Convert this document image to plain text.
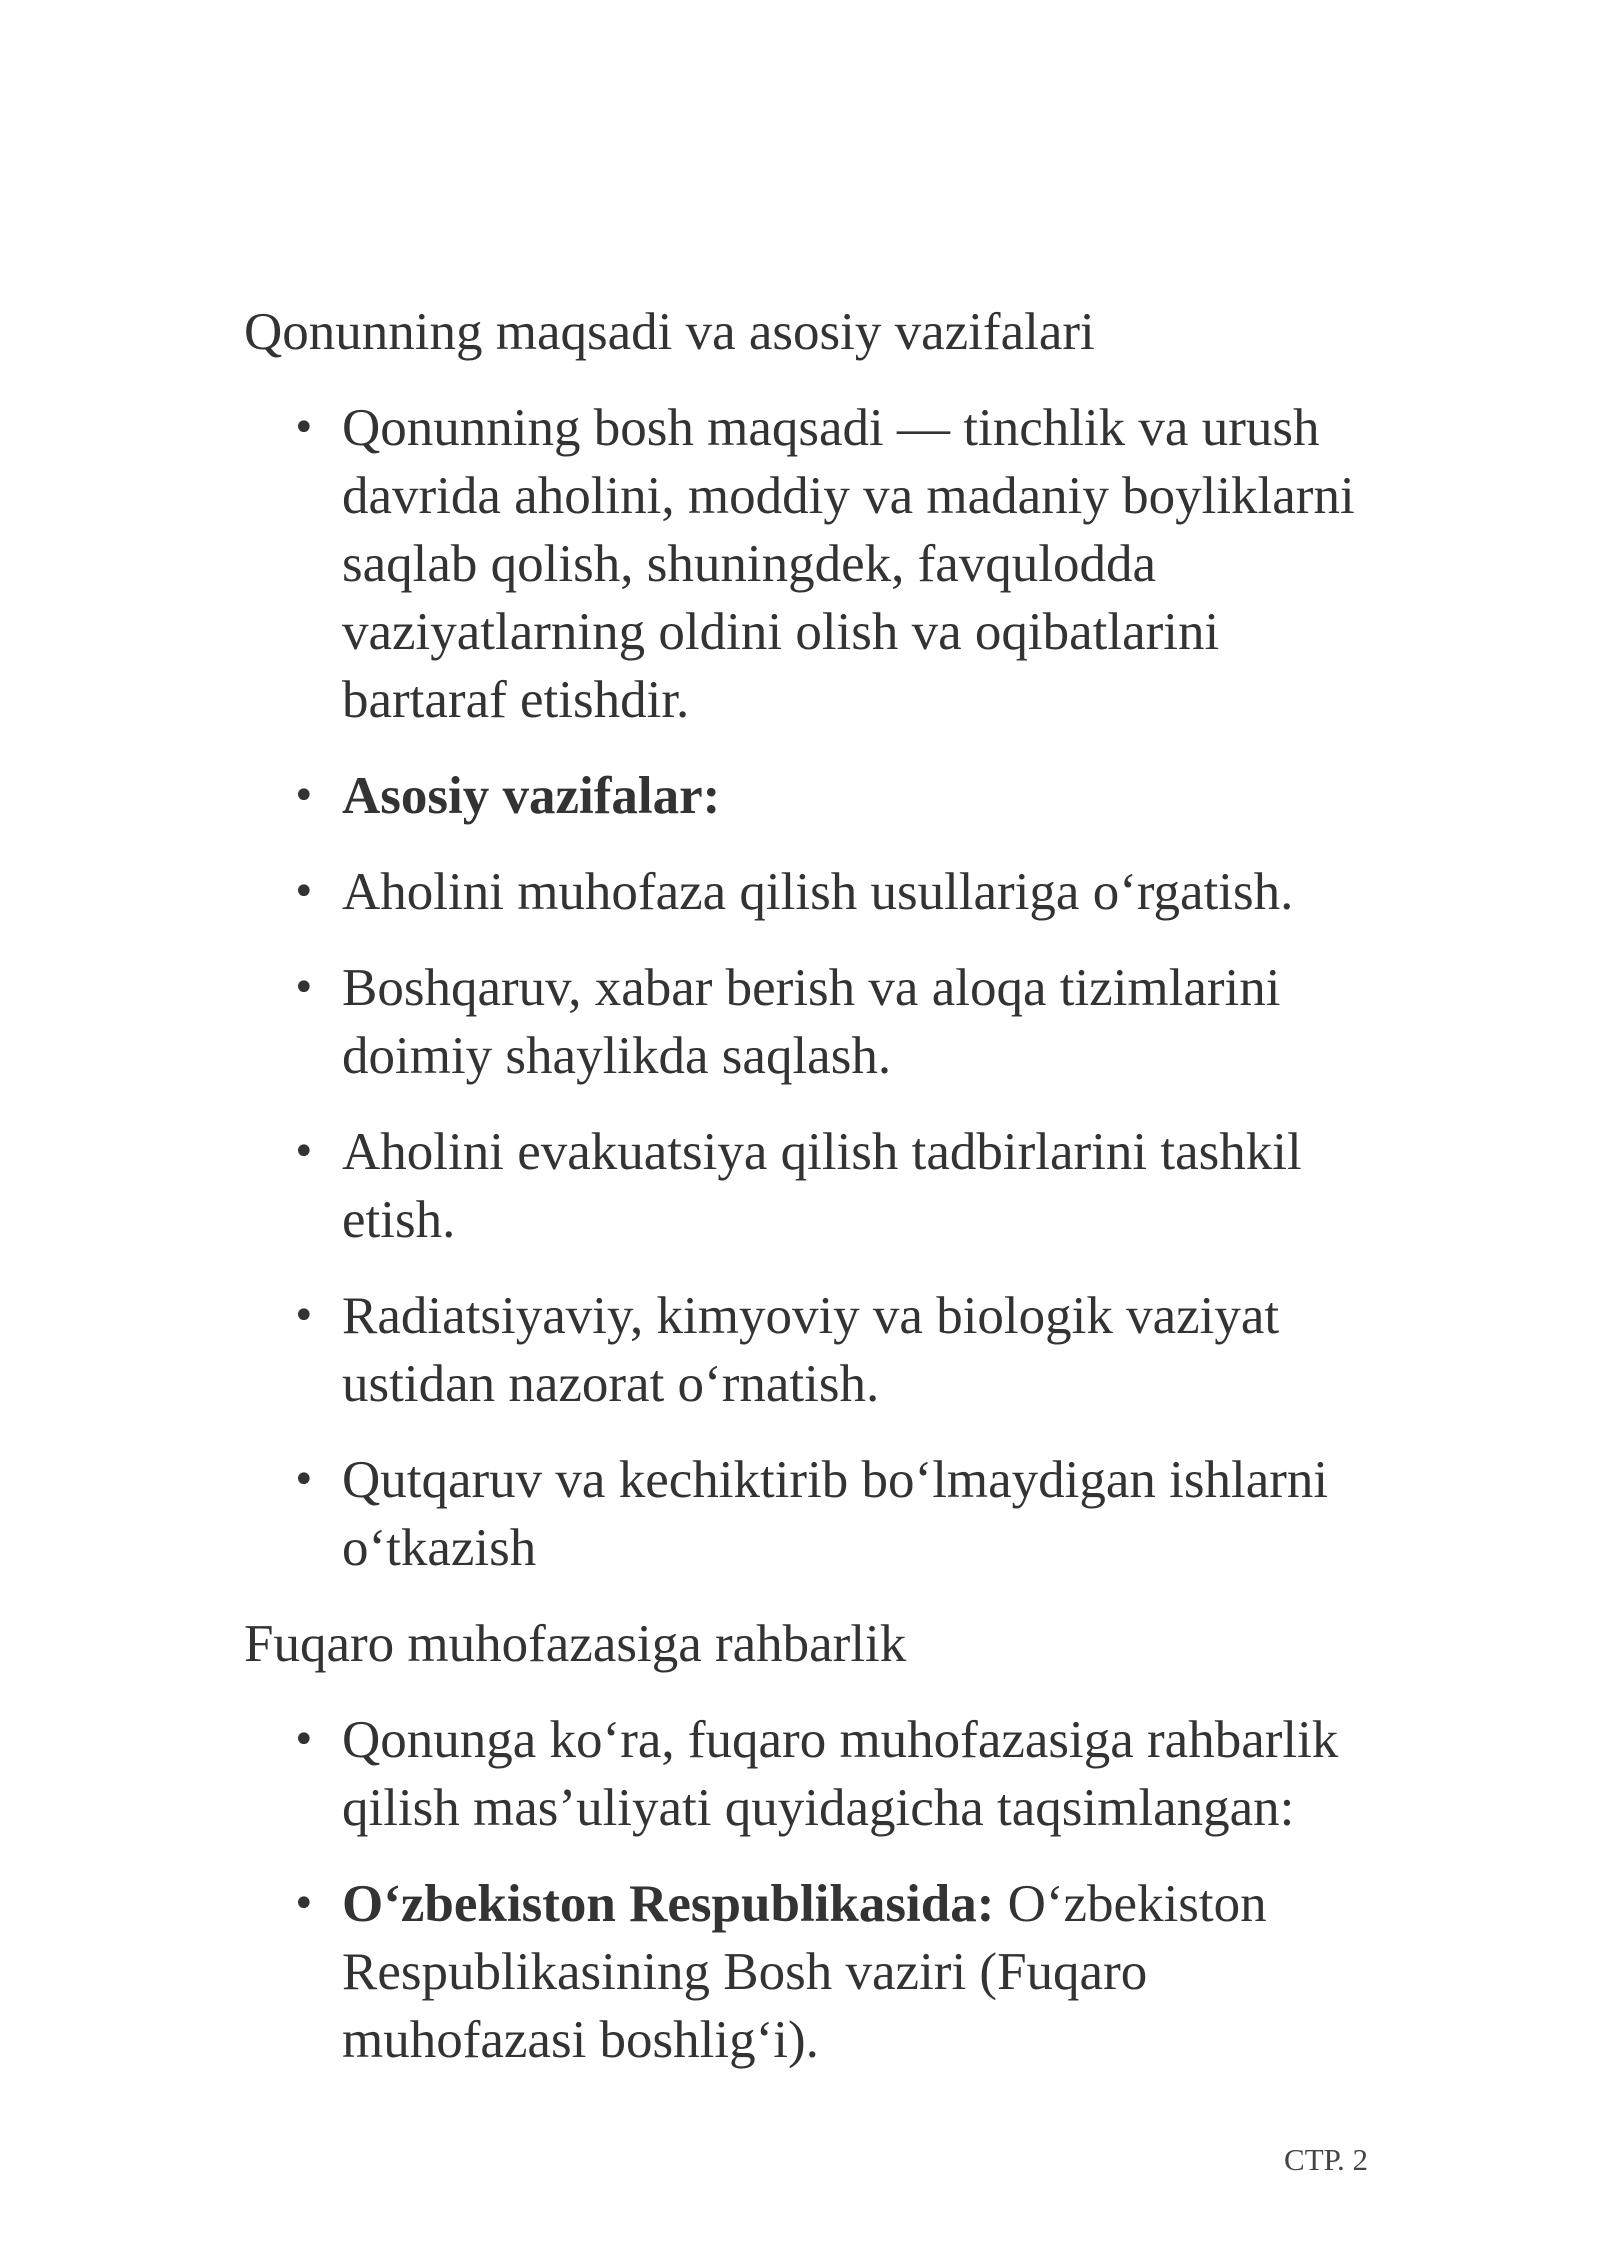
Qonunning maqsadi va asosiy vazifalari
• Qonunning bosh maqsadi — tinchlik va urush davrida aholini, moddiy va madaniy boyliklarni saqlab qolish, shuningdek, favqulodda vaziyatlarning oldini olish va oqibatlarini bartaraf etishdir.
• Asosiy vazifalar:
• Aholini muhofaza qilish usullariga o‘rgatish.
• Boshqaruv, xabar berish va aloqa tizimlarini doimiy shaylikda saqlash.
• Aholini evakuatsiya qilish tadbirlarini tashkil etish.
• Radiatsiyaviy, kimyoviy va biologik vaziyat ustidan nazorat o‘rnatish.
• Qutqaruv va kechiktirib bo‘lmaydigan ishlarni o‘tkazish
Fuqaro muhofazasiga rahbarlik
• Qonunga ko‘ra, fuqaro muhofazasiga rahbarlik qilish mas’uliyati quyidagicha taqsimlangan:
• O‘zbekiston Respublikasida: O‘zbekiston Respublikasining Bosh vaziri (Fuqaro muhofazasi boshlig‘i).
СТР. 2
